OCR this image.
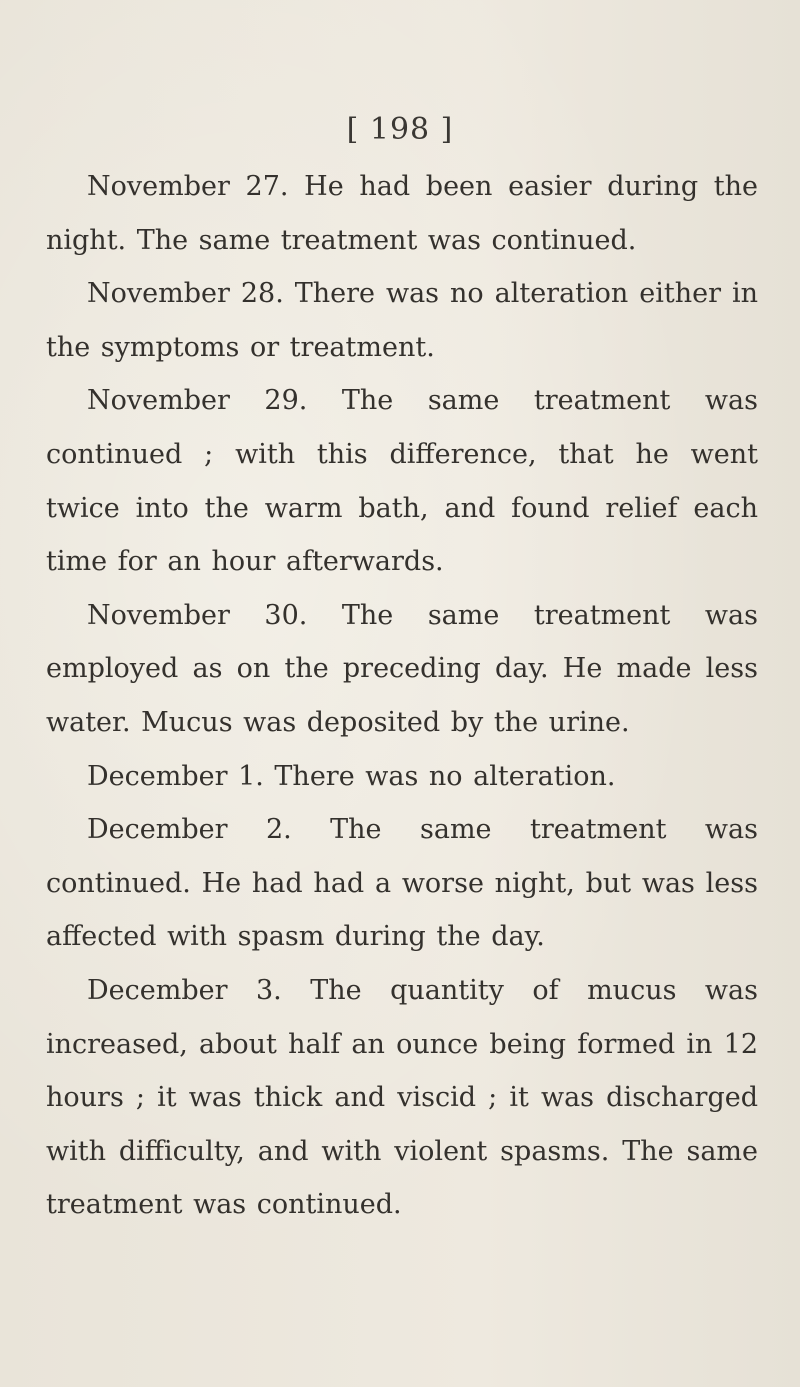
[ 198 ]

November 27. He had been easier during the night. The same treatment was continued.

November 28. There was no alteration either in the symptoms or treatment.

November 29. The same treatment was continued ; with this difference, that he went twice into the warm bath, and found relief each time for an hour afterwards.

November 30. The same treatment was employed as on the preceding day. He made less water. Mucus was deposited by the urine.

December 1. There was no alteration.

December 2. The same treatment was continued. He had had a worse night, but was less affected with spasm during the day.

December 3. The quantity of mucus was increased, about half an ounce being formed in 12 hours ; it was thick and viscid ; it was discharged with difficulty, and with violent spasms. The same treatment was continued.
